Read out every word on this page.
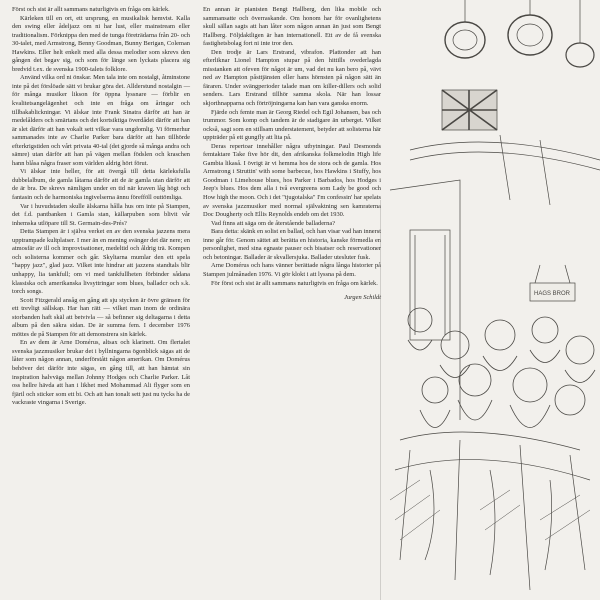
Först och sist är allt sammans naturligtvis en fråga om kärlek.

Kärleken till en ort, ett ursprung, en musikalisk hemvist. Kalla den swing eller ådeljazz om ni har lust, eller mainstream eller traditionalism. Förknippa den med de tunga företrädarna från 20- och 30-talet, med Armstrong, Benny Goodman, Bunny Berigan, Coleman Hawkins. Eller helt enkelt med alla dessa melodier som skrevs den gången det begav sig, och som för länge sen lyckats placera sig bredvid t.ex. de svenska 1900-talets folklore.

Använd vilka ord ni önskar. Men tala inte om nostalgi, åtminstone inte på det förslöade sätt vi brukar göra det. Allderstund nostalgin — för många musiker likson för öppna lyssnare — förblir en kvalitetsangelägenhet och inte en fråga om åringar och tillbakablickningar. Vi älskar inte Frank Sinatra därför att han är medelålders och smärtans och det kortsiktiga överdådet därför att han är slet därför att han vokalt sett vilkar vara ungdomlig. Vi förmerhur sammanades inte av Charlie Parker bara därför att han tillhörde efterkrigstiden och vårt privata 40-tal (det gjorde så många andra och sämre) utan därför att han på vägen mellan födslen och kraschen hann blåsa några fraser som världen aldrig hört förut.

Vi älskar inte heller, för att övergå till detta kärleksfulla dubbelalbum, de gamla låtarna därför att de är gamla utan därför att de är bra. De skrevs nämligen under en tid när kraven låg högt och fantasin och de harmoniska ingivelserna ännu förefföll outtömliga.

Var i huvudstaden skulle älskarna hålla hus om inte på Stampen, det f.d. pantbanken i Gamla stan, källarpuben som blivit vår inhemska utlöpare till St. Germain-des-Prés?

Detta Stampen är i själva verket en av den svenska jazzens mera upptrampade kultplatser. I mer än en mening svänger det där nere; en atmosfär av ill och improvisationer, medeltid och åldrig trä. Kompen och solisterna kommer och går. Skyltarna mumlar den ett spela "happy jazz", glad jazz. Vilket inte hindrar att jazzens standtals blir unhappy, lia tankfull; om vi med tankfullheten förbinder sådana klassiska och amerikanska livsyttringar som blues, balladcr och s.k. torch songs.

Scott Fitzgerald ansåg en gång att sju stycken är övre gränsen för ett trevligt sällskap. Har han rätt — vilket man inom de ordinära storbanden haft skäl att betvivla — så befinner sig deltagarna i detta album på den säkra sidan. De är summa fem. I december 1976 möttes de på Stampen för att demonstrera sin kärlek.

En av dem är Arne Domérus, altsax och klarinett. Om flertalet svenska jazzmusiker brukar det i byllningarna ögonblick sägas att de låter som någon annan, underförstått någon amerikan. Om Domérus behöver det därför inte sägas, en gång till, att han hämtat sin inspiration halvvägs mellan Johnny Hodges och Charlie Parker. Låt oss hellre hävda att han i likhet med Mohammad Ali flyger som en fjäril och sticker som ett bi. Och att han tonalt sett just nu tycks ha de vackraste vingarna i Sverige.

En annan är pianisten Bengt Hallberg, den lika mobile och sammansatte och överraskande. Om honom har för ovanlighetens skull sällan sagts att han låter som någon annan än just som Bengt Hallberg. Följdaktligen är han internationell. Ett av de få svenska fastighetsbolag fort ni inte tror den.

Den trodje är Lars Erstrand, vibrafon. Plattonder att han efterliknar Lionel Hampton stupar på den hittills ovederlagda misstanken att ofeven för något är um, vad det nu kan bero på, vävt ned av Hampton påsttjänsten eller hans hörnsten på någon sätt än färaren. Under svängperioder talade man om killer-dillers och solid senders. Lars Erstrand tillhör samma skola. När han lossar skjorthnapparna och förtröjningarna kan han vara ganska enorm.

Fjärde och femte man är Georg Riedel och Egil Johansen, bas och trummor. Som komp och tandem är de stadigare än urberget. Vilket också, sagt som en stillsam understatement, betyder att solisterna här uppträder på ett gungfly att lita på.

Deras repertoar innehåller några utbytningar. Paul Desmonds femtaktare Take five hör dit, den afrikanska folkmelodin High life Gambia likaså. I övrigt är vi hemma hos de stora och de gamla. Hos Armstrong i Struttin' with some barbecue, hos Hawkins i Stuffy, hos Goodman i Limehouse blues, hos Parker i Barbados, hos Hodges i Jeep's blues. Hos dem alla i två evergreens som Lady be good och How high the moon. Och i det "tjugotalska" I'm confessin' har spelats av svenska jazzmusiker med normal självaktning sen kamraterna Doc Dougherty och Ellis Reynolds endeb om det 1930.

Vad finns att säga om de återstående balladerna?

Bara detta: skänk en solist en ballad, och han visar vad han innerst inne går för. Genom sättet att berätta en historia, kanske förmedla en personlighet, med sina egnaste pauser och bisatser och reservationer och betoningar. Ballader är skvallersjuka. Ballader utesluter fusk.

Arne Domérus och hans vänner berättade några långa historier på Stampen julmånaden 1976. Vi gör klokt i att lyssna på dem.

För först och sist är allt sammans naturligtvis en fråga om kärlek.

Jurgen Schildt
HAGS BROR
